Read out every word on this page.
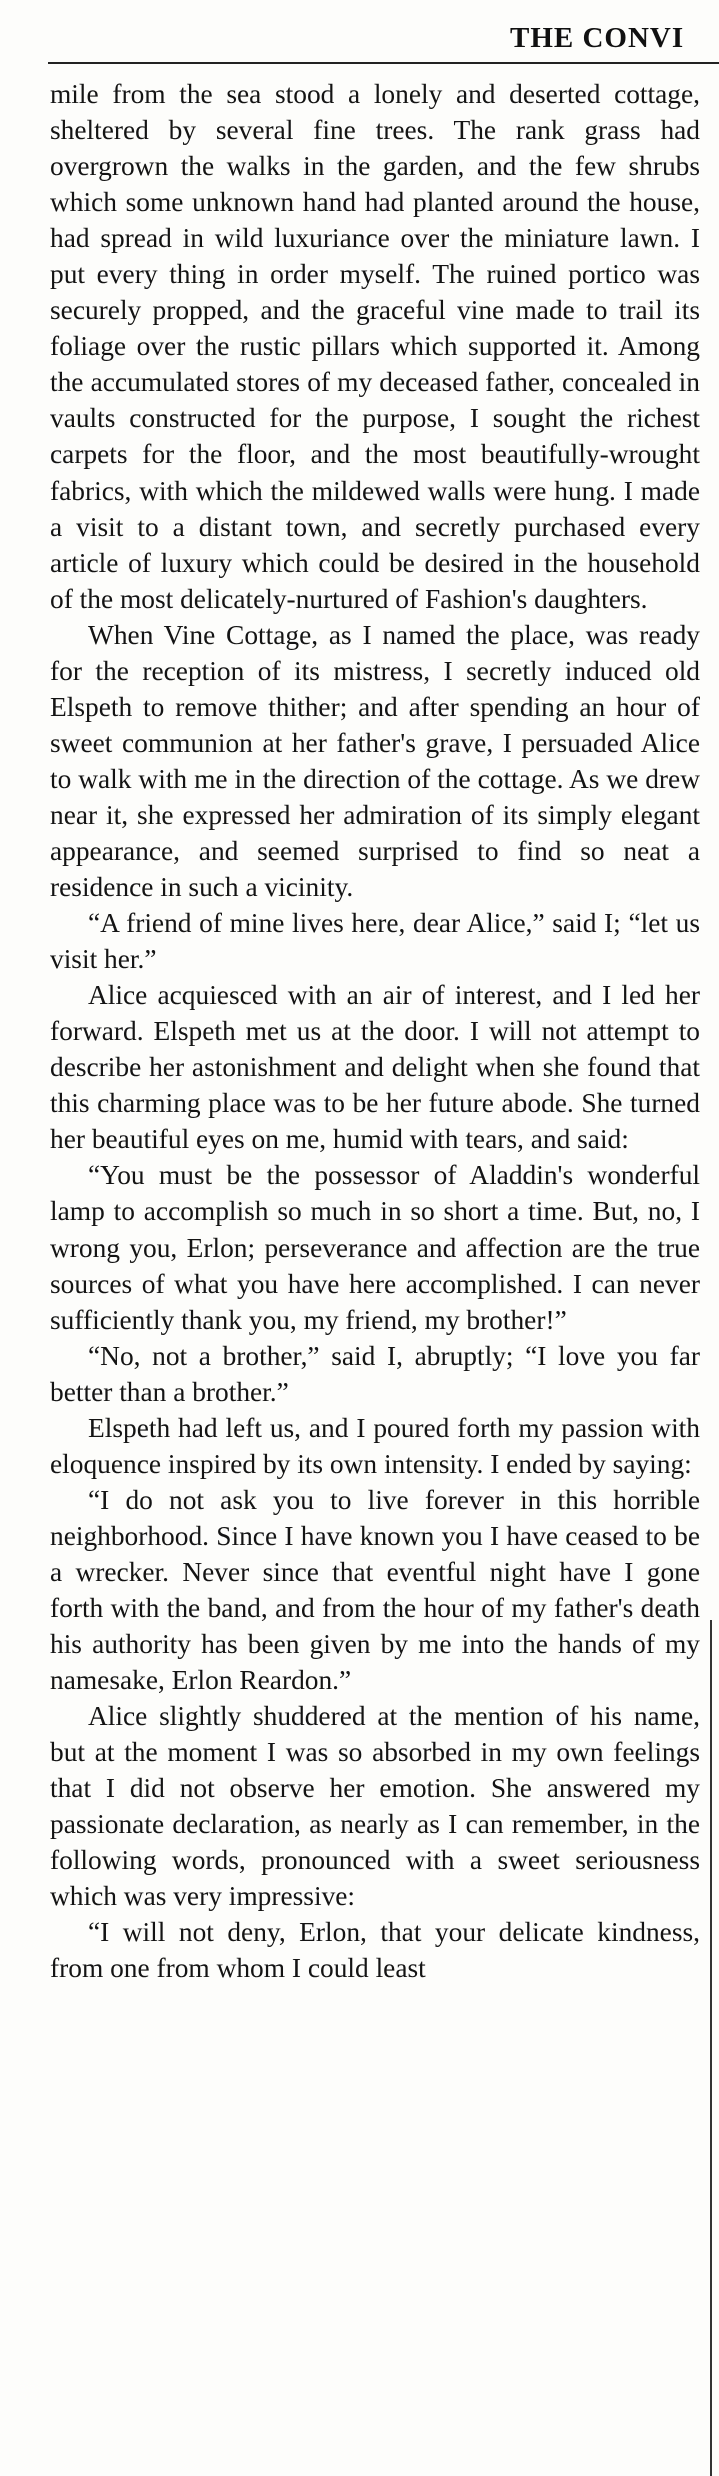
THE CONVI

mile from the sea stood a lonely and deserted cottage, sheltered by several fine trees. The rank grass had overgrown the walks in the garden, and the few shrubs which some unknown hand had planted around the house, had spread in wild luxuriance over the miniature lawn. I put every thing in order myself. The ruined portico was securely propped, and the graceful vine made to trail its foliage over the rustic pillars which supported it. Among the accumulated stores of my deceased father, concealed in vaults constructed for the purpose, I sought the richest carpets for the floor, and the most beautifully-wrought fabrics, with which the mildewed walls were hung. I made a visit to a distant town, and secretly purchased every article of luxury which could be desired in the household of the most delicately-nurtured of Fashion's daughters.

When Vine Cottage, as I named the place, was ready for the reception of its mistress, I secretly induced old Elspeth to remove thither; and after spending an hour of sweet communion at her father's grave, I persuaded Alice to walk with me in the direction of the cottage. As we drew near it, she expressed her admiration of its simply elegant appearance, and seemed surprised to find so neat a residence in such a vicinity.

“A friend of mine lives here, dear Alice,” said I; “let us visit her.”

Alice acquiesced with an air of interest, and I led her forward. Elspeth met us at the door. I will not attempt to describe her astonishment and delight when she found that this charming place was to be her future abode. She turned her beautiful eyes on me, humid with tears, and said:

“You must be the possessor of Aladdin's wonderful lamp to accomplish so much in so short a time. But, no, I wrong you, Erlon; perseverance and affection are the true sources of what you have here accomplished. I can never sufficiently thank you, my friend, my brother!”

“No, not a brother,” said I, abruptly; “I love you far better than a brother.”

Elspeth had left us, and I poured forth my passion with eloquence inspired by its own intensity. I ended by saying:

“I do not ask you to live forever in this horrible neighborhood. Since I have known you I have ceased to be a wrecker. Never since that eventful night have I gone forth with the band, and from the hour of my father's death his authority has been given by me into the hands of my namesake, Erlon Reardon.”

Alice slightly shuddered at the mention of his name, but at the moment I was so absorbed in my own feelings that I did not observe her emotion. She answered my passionate declaration, as nearly as I can remember, in the following words, pronounced with a sweet seriousness which was very impressive:

“I will not deny, Erlon, that your delicate kindness, from one from whom I could least
